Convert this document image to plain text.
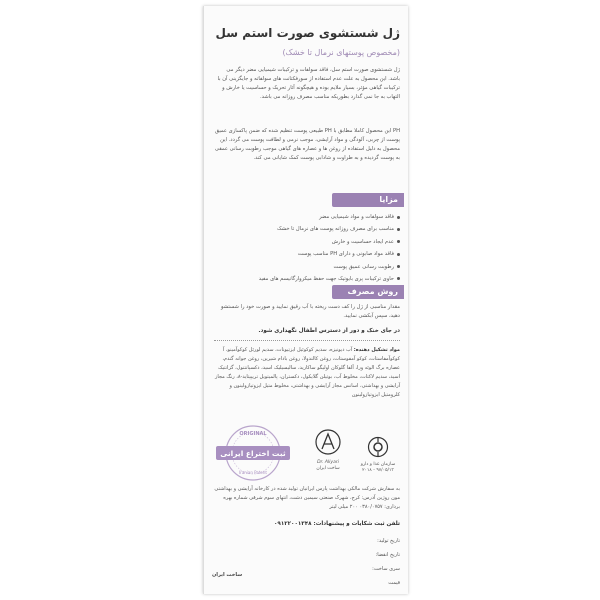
ژل شستشوی صورت استم سل
(مخصوص پوستهای نرمال تا خشک)
ژل شستشوی صورت استم سل، فاقد سولفات و ترکیبات شیمیایی مضر دیگر می باشد. این محصول به علت عدم استفاده از سورفکتانت های سولفاته و جایگزینی آن با ترکیبات گیاهی مؤثر، بسیار ملایم بوده و هیچگونه آثار تحریک و حساسیت یا خارش و التهاب به جا نمی گذارد بطوریکه مناسب مصرف روزانه می باشد.
PH این محصول کاملا مطابق با PH طبیعی پوست تنظیم شده که ضمن پاکسازی عمیق پوست از چربی، آلودگی و مواد آرایشی، موجب نرمی و لطافت پوست می گردد. این محصول به دلیل استفاده از روغن ها و عصاره های گیاهی موجب رطوبت رسانی عمقی به پوست گردیده و به طراوت و شادابی پوست کمک شایانی می کند.
مزایا
فاقد سولفات و مواد شیمیایی مضر
مناسب برای مصرف روزانه پوست های نرمال تا خشک
عدم ایجاد حساسیت و خارش
فاقد مواد صابونی و دارای PH مناسب پوست
رطوبت رسانی عمیق پوست
حاوی ترکیبات پری بایوتیک جهت حفظ میکروارگانیسم های مفید
روش مصرف
مقدار مناسبی از ژل را کف دست ریخته با آب رقیق نمایید و صورت خود را شستشو دهید، سپس آبکشی نمایید.
در جای خنک و دور از دسترس اطفال نگهداری شود.
مواد تشکیل دهنده: آب دیونیزه، سدیم کوکوئیل ایزتیونات، سدیم لورئل کوکوآمینو، آ کوکوآمفاستات، کوکو آمفوستات، روغن کالندولا، روغن بادام شیرین، روغن جوانه گندم، عصاره برگ الوئه ورا، آلفا گلوکان اولیگو ساکارید، سالیسیلیک اسید، دکسپانتنول، گزانتیک اسید، سدیم لاکتات، مخلوط آب، بوتیلن گلایکول، دکستران، پالمیتویل تریپپتاید-۸، رنگ مجاز آرایشی و بهداشتی، اسانس مجاز آرایشی و بهداشتی، مخلوط متیل ایزوتیازولینون و کلرومتیل ایزوتیازولینون
ثبت اختراع ایرانی
ORIGINAL
Iranian Patent
Dr. Aliyari
ساخت ایران
سازمان غذا و دارو
۹۷/۰۵/۱۳ - ۲۰۱۸
به سفارش شرکت مالکی بهداشت پارس ایرانیان تولید شده در کارخانه آرایشی و بهداشتی مون روژین آدرس: کرج، شهرک صنعتی سیمین دشت، انتهای سوم شرقی شماره بهره برداری: ۰۳۸۰/۰۷۵۷ ۲۰۰ میلی لیتر
تلفن ثبت شکایات و پیشنهادات: ۰۹۱۲۲۰۰۱۳۴۸
تاریخ تولید:
تاریخ انقضا:
سری ساخت:
قیمت
ساخت ایران
